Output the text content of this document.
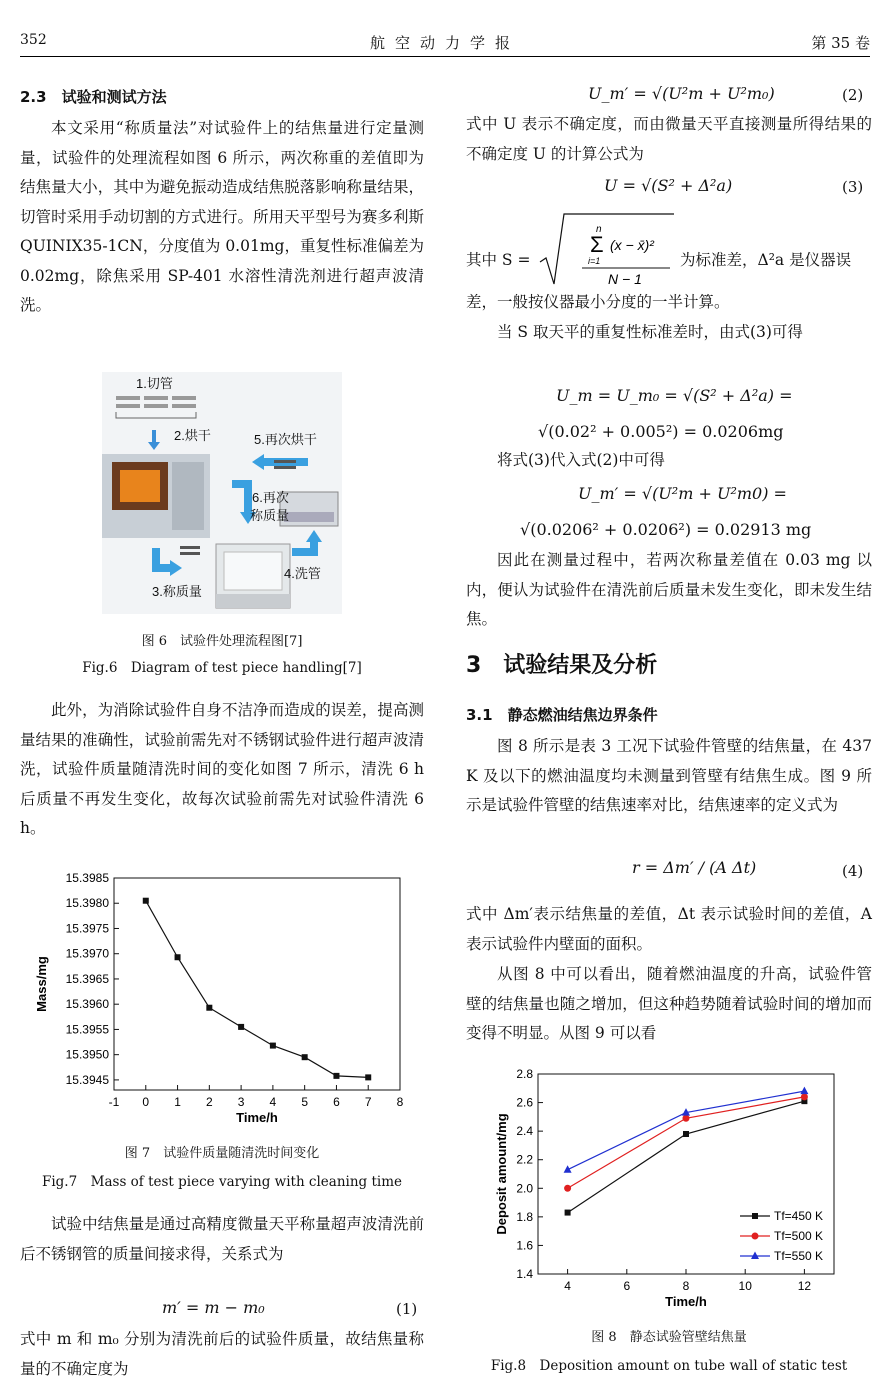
352	航空动力学报	第 35 卷
2.3　试验和测试方法
本文采用“称质量法”对试验件上的结焦量进行定量测量，试验件的处理流程如图 6 所示，两次称重的差值即为结焦量大小，其中为避免振动造成结焦脱落影响称量结果，切管时采用手动切割的方式进行。所用天平型号为赛多利斯 QUINIX35-1CN，分度值为 0.01mg，重复性标准偏差为 0.02mg，除焦采用 SP-401 水溶性清洗剂进行超声波清洗。
1.切管
2.烘干	5.再次烘干
6.再次
称质量
3.称质量
4.洗管
图 6　试验件处理流程图[7]
Fig.6　Diagram of test piece handling[7]
此外，为消除试验件自身不洁净而造成的误差，提高测量结果的准确性，试验前需先对不锈钢试验件进行超声波清洗，试验件质量随清洗时间的变化如图 7 所示，清洗 6 h 后质量不再发生变化，故每次试验前需先对试验件清洗 6 h。
-1 0 1 2 3 4 5 6 7 8
15.3945
15.3950
15.3955
15.3960
15.3965
15.3970
15.3975
15.3980
15.3985
Time/h
Mass/mg
图 7　试验件质量随清洗时间变化
Fig.7　Mass of test piece varying with cleaning time
试验中结焦量是通过高精度微量天平称量超声波清洗前后不锈钢管的质量间接求得，关系式为
m′ = m − m₀	(1)
式中 m 和 m₀ 分别为清洗前后的试验件质量，故结焦量称量的不确定度为
U_m′ = √(U²m + U²m₀)	(2)
式中 U 表示不确定度，而由微量天平直接测量所得结果的不确定度 U 的计算公式为
U = √(S² + Δ²a)	(3)
其中 S =
n
Σ
i=1
(x − x̄)²
N − 1
为标准差，Δ²a 是仪器误
差，一般按仪器最小分度的一半计算。
当 S 取天平的重复性标准差时，由式(3)可得
U_m = U_m₀ = √(S² + Δ²a) =
√(0.02² + 0.005²) = 0.0206mg
将式(3)代入式(2)中可得
U_m′ = √(U²m + U²m0) =
√(0.0206² + 0.0206²) = 0.02913 mg
因此在测量过程中，若两次称量差值在 0.03 mg 以内，便认为试验件在清洗前后质量未发生变化，即未发生结焦。
3　试验结果及分析
3.1　静态燃油结焦边界条件
图 8 所示是表 3 工况下试验件管壁的结焦量，在 437 K 及以下的燃油温度均未测量到管壁有结焦生成。图 9 所示是试验件管壁的结焦速率对比，结焦速率的定义式为
r = Δm′ / (A Δt)	(4)
式中 Δm′表示结焦量的差值，Δt 表示试验时间的差值，A 表示试验件内壁面的面积。
从图 8 中可以看出，随着燃油温度的升高，试验件管壁的结焦量也随之增加，但这种趋势随着试验时间的增加而变得不明显。从图 9 可以看
4	6	8	10	12
1.4
1.6
1.8
2.0
2.2
2.4
2.6
2.8
Time/h
Deposit amount/mg	Tf=450 K
Tf=500 K
Tf=550 K
图 8　静态试验管壁结焦量
Fig.8　Deposition amount on tube wall of static test
